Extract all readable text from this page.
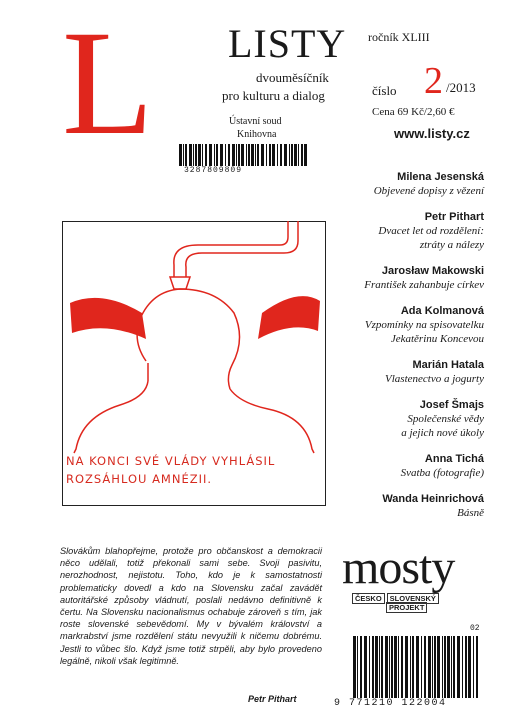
L LISTY
dvouměsíčník
pro kulturu a dialog
Ústavní soud
Knihovna
3287809809
ročník XLIII
číslo 2 /2013
Cena 69 Kč/2,60 €
www.listy.cz
NA KONCI SVÉ VLÁDY VYHLÁSIL
ROZSÁHLOU AMNÉZII.
Milena Jesenská
Objevené dopisy z vězení
Petr Pithart
Dvacet let od rozdělení:
ztráty a nálezy
Jarosław Makowski
František zahanbuje církev
Ada Kolmanová
Vzpomínky na spisovatelku
Jekatěrinu Koncevou
Marián Hatala
Vlastenectvo a jogurty
Josef Šmajs
Společenské vědy
a jejich nové úkoly
Anna Tichá
Svatba (fotografie)
Wanda Heinrichová
Básně
Slovákům blahopřejme, protože pro občanskost a demokracii něco udělali, totiž překonali sami sebe. Svoji pasivitu, nerozhodnost, nejistotu. Toho, kdo je k samostatnosti problematicky dovedl a kdo na Slovensku začal zavádět autoritářské způsoby vládnutí, poslali nedávno definitivně k čertu. Na Slovensku nacionalismus ochabuje zároveň s tím, jak roste slovenské sebevědomí. My v bývalém království a markrabství jsme rozdělení státu nevyužili k ničemu dobrému. Jestli to vůbec šlo. Když jsme totiž strpěli, aby bylo provedeno legálně, nikoli však legitimně.
Petr Pithart
mosty
ČESKO SLOVENSKÝ
PROJEKT
02
9 771210 122004
